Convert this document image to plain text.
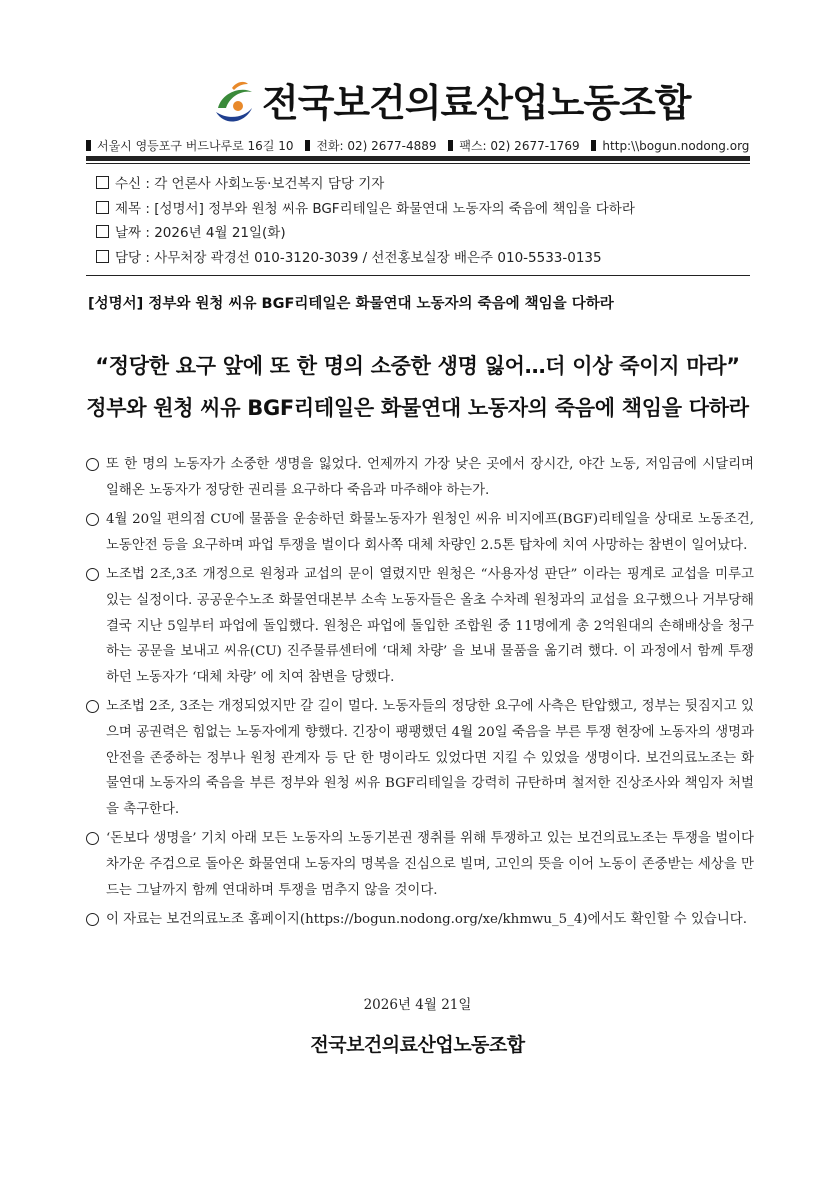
전국보건의료산업노동조합
서울시 영등포구 버드나루로 16길 10 전화: 02) 2677-4889 팩스: 02) 2677-1769 http:\\bogun.nodong.org
수신 : 각 언론사 사회노동·보건복지 담당 기자
제목 : [성명서] 정부와 원청 씨유 BGF리테일은 화물연대 노동자의 죽음에 책임을 다하라
날짜 : 2026년 4월 21일(화)
담당 : 사무처장 곽경선 010-3120-3039 / 선전홍보실장 배은주 010-5533-0135
[성명서] 정부와 원청 씨유 BGF리테일은 화물연대 노동자의 죽음에 책임을 다하라
“정당한 요구 앞에 또 한 명의 소중한 생명 잃어…더 이상 죽이지 마라”
정부와 원청 씨유 BGF리테일은 화물연대 노동자의 죽음에 책임을 다하라
또 한 명의 노동자가 소중한 생명을 잃었다. 언제까지 가장 낮은 곳에서 장시간, 야간 노동, 저임금에 시달리며 일해온 노동자가 정당한 권리를 요구하다 죽음과 마주해야 하는가.
4월 20일 편의점 CU에 물품을 운송하던 화물노동자가 원청인 씨유 비지에프(BGF)리테일을 상대로 노동조건, 노동안전 등을 요구하며 파업 투쟁을 벌이다 회사쪽 대체 차량인 2.5톤 탑차에 치여 사망하는 참변이 일어났다.
노조법 2조,3조 개정으로 원청과 교섭의 문이 열렸지만 원청은 “사용자성 판단” 이라는 핑계로 교섭을 미루고 있는 실정이다. 공공운수노조 화물연대본부 소속 노동자들은 올초 수차례 원청과의 교섭을 요구했으나 거부당해 결국 지난 5일부터 파업에 돌입했다. 원청은 파업에 돌입한 조합원 중 11명에게 총 2억원대의 손해배상을 청구하는 공문을 보내고 씨유(CU) 진주물류센터에 ‘대체 차량’ 을 보내 물품을 옮기려 했다. 이 과정에서 함께 투쟁하던 노동자가 ‘대체 차량’ 에 치여 참변을 당했다.
노조법 2조, 3조는 개정되었지만 갈 길이 멀다. 노동자들의 정당한 요구에 사측은 탄압했고, 정부는 뒷짐지고 있으며 공권력은 힘없는 노동자에게 향했다. 긴장이 팽팽했던 4월 20일 죽음을 부른 투쟁 현장에 노동자의 생명과 안전을 존중하는 정부나 원청 관계자 등 단 한 명이라도 있었다면 지킬 수 있었을 생명이다. 보건의료노조는 화물연대 노동자의 죽음을 부른 정부와 원청 씨유 BGF리테일을 강력히 규탄하며 철저한 진상조사와 책임자 처벌을 촉구한다.
‘돈보다 생명을’ 기치 아래 모든 노동자의 노동기본권 쟁취를 위해 투쟁하고 있는 보건의료노조는 투쟁을 벌이다 차가운 주검으로 돌아온 화물연대 노동자의 명복을 진심으로 빌며, 고인의 뜻을 이어 노동이 존중받는 세상을 만드는 그날까지 함께 연대하며 투쟁을 멈추지 않을 것이다.
이 자료는 보건의료노조 홈페이지(https://bogun.nodong.org/xe/khmwu_5_4)에서도 확인할 수 있습니다.
2026년 4월 21일
전국보건의료산업노동조합
